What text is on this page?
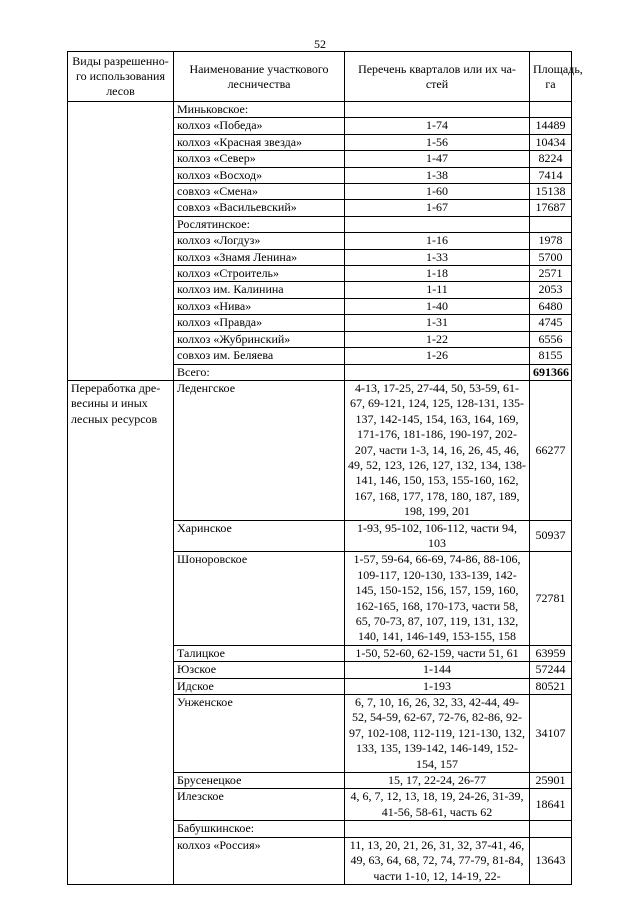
52
Виды разрешенно-го использования лесов	Наименование участкового лесничества	Перечень кварталов или их ча-стей	Площадь, га
	Миньковское:		
	колхоз «Победа»	1-74	14489
	колхоз «Красная звезда»	1-56	10434
	колхоз «Север»	1-47	8224
	колхоз «Восход»	1-38	7414
	совхоз «Смена»	1-60	15138
	совхоз «Васильевский»	1-67	17687
	Рослятинское:		
	колхоз «Логдуз»	1-16	1978
	колхоз «Знамя Ленина»	1-33	5700
	колхоз «Строитель»	1-18	2571
	колхоз им. Калинина	1-11	2053
	колхоз «Нива»	1-40	6480
	колхоз «Правда»	1-31	4745
	колхоз «Жубринский»	1-22	6556
	совхоз им. Беляева	1-26	8155
	Всего:		691366
Переработка дре-весины и иных лесных ресурсов	Леденгское	4-13, 17-25, 27-44, 50, 53-59, 61-67, 69-121, 124, 125, 128-131, 135-137, 142-145, 154, 163, 164, 169, 171-176, 181-186, 190-197, 202-207, части 1-3, 14, 16, 26, 45, 46, 49, 52, 123, 126, 127, 132, 134, 138-141, 146, 150, 153, 155-160, 162, 167, 168, 177, 178, 180, 187, 189, 198, 199, 201	66277
	Харинское	1-93, 95-102, 106-112, части 94, 103	50937
	Шоноровское	1-57, 59-64, 66-69, 74-86, 88-106, 109-117, 120-130, 133-139, 142-145, 150-152, 156, 157, 159, 160, 162-165, 168, 170-173, части 58, 65, 70-73, 87, 107, 119, 131, 132, 140, 141, 146-149, 153-155, 158	72781
	Талицкое	1-50, 52-60, 62-159, части 51, 61	63959
	Юзское	1-144	57244
	Идское	1-193	80521
	Унженское	6, 7, 10, 16, 26, 32, 33, 42-44, 49-52, 54-59, 62-67, 72-76, 82-86, 92-97, 102-108, 112-119, 121-130, 132, 133, 135, 139-142, 146-149, 152-154, 157	34107
	Брусенецкое	15, 17, 22-24, 26-77	25901
	Илезское	4, 6, 7, 12, 13, 18, 19, 24-26, 31-39, 41-56, 58-61, часть 62	18641
	Бабушкинское:		
	колхоз «Россия»	11, 13, 20, 21, 26, 31, 32, 37-41, 46, 49, 63, 64, 68, 72, 74, 77-79, 81-84, части 1-10, 12, 14-19, 22-	13643
